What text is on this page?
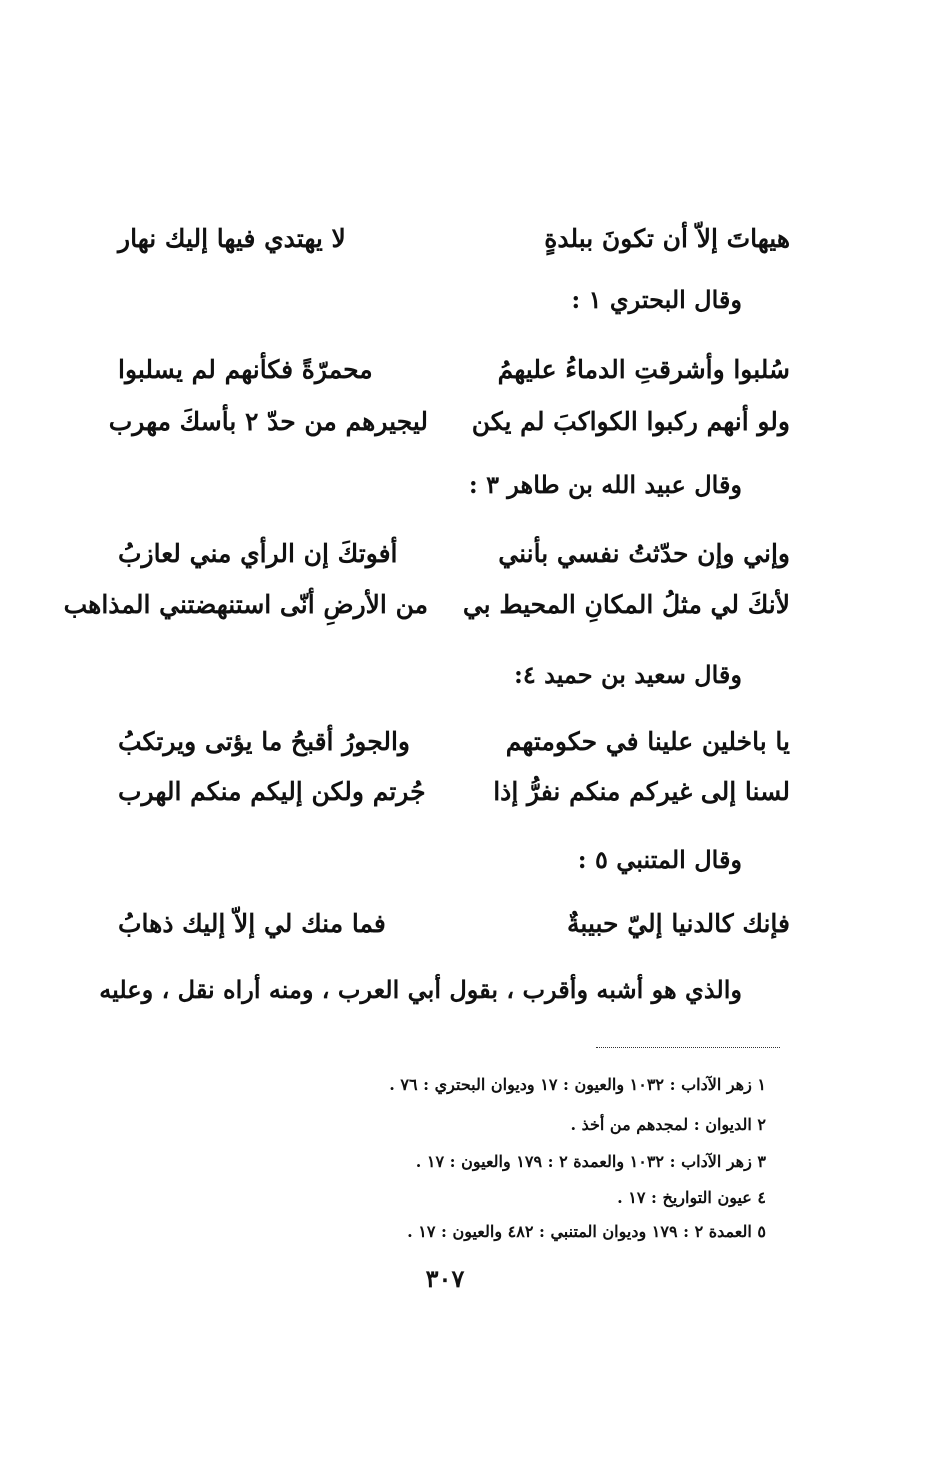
هيهاتَ إلاّ أن تكونَ ببلدةٍ
لا يهتدي فيها إليك نهار
وقال البحتري ١ :
سُلبوا وأشرقتِ الدماءُ عليهمُ
محمرّةً فكأنهم لم يسلبوا
ولو أنهم ركبوا الكواكبَ لم يكن
ليجيرهم من حدّ ٢ بأسكَ مهرب
وقال عبيد الله بن طاهر ٣ :
وإني وإن حدّثتُ نفسي بأنني
أفوتكَ إن الرأي مني لعازبُ
لأنكَ لي مثلُ المكانِ المحيط بي
من الأرضِ أنّى استنهضتني المذاهب
وقال سعيد بن حميد ٤:
يا باخلين علينا في حكومتهم
والجورُ أقبحُ ما يؤتى ويرتكبُ
لسنا إلى غيركم منكم نفرُّ إذا
جُرتم ولكن إليكم منكم الهرب
وقال المتنبي ٥ :
فإنك كالدنيا إليّ حبيبةٌ
فما منك لي إلاّ إليك ذهابُ
والذي هو أشبه وأقرب ، بقول أبي العرب ، ومنه أراه نقل ، وعليه
١ زهر الآداب : ١٠٣٢ والعيون : ١٧ وديوان البحتري : ٧٦ .
٢ الديوان : لمجدهم من أخذ .
٣ زهر الآداب : ١٠٣٢ والعمدة ٢ : ١٧٩ والعيون : ١٧ .
٤ عيون التواريخ : ١٧ .
٥ العمدة ٢ : ١٧٩ وديوان المتنبي : ٤٨٢ والعيون : ١٧ .
٣٠٧
